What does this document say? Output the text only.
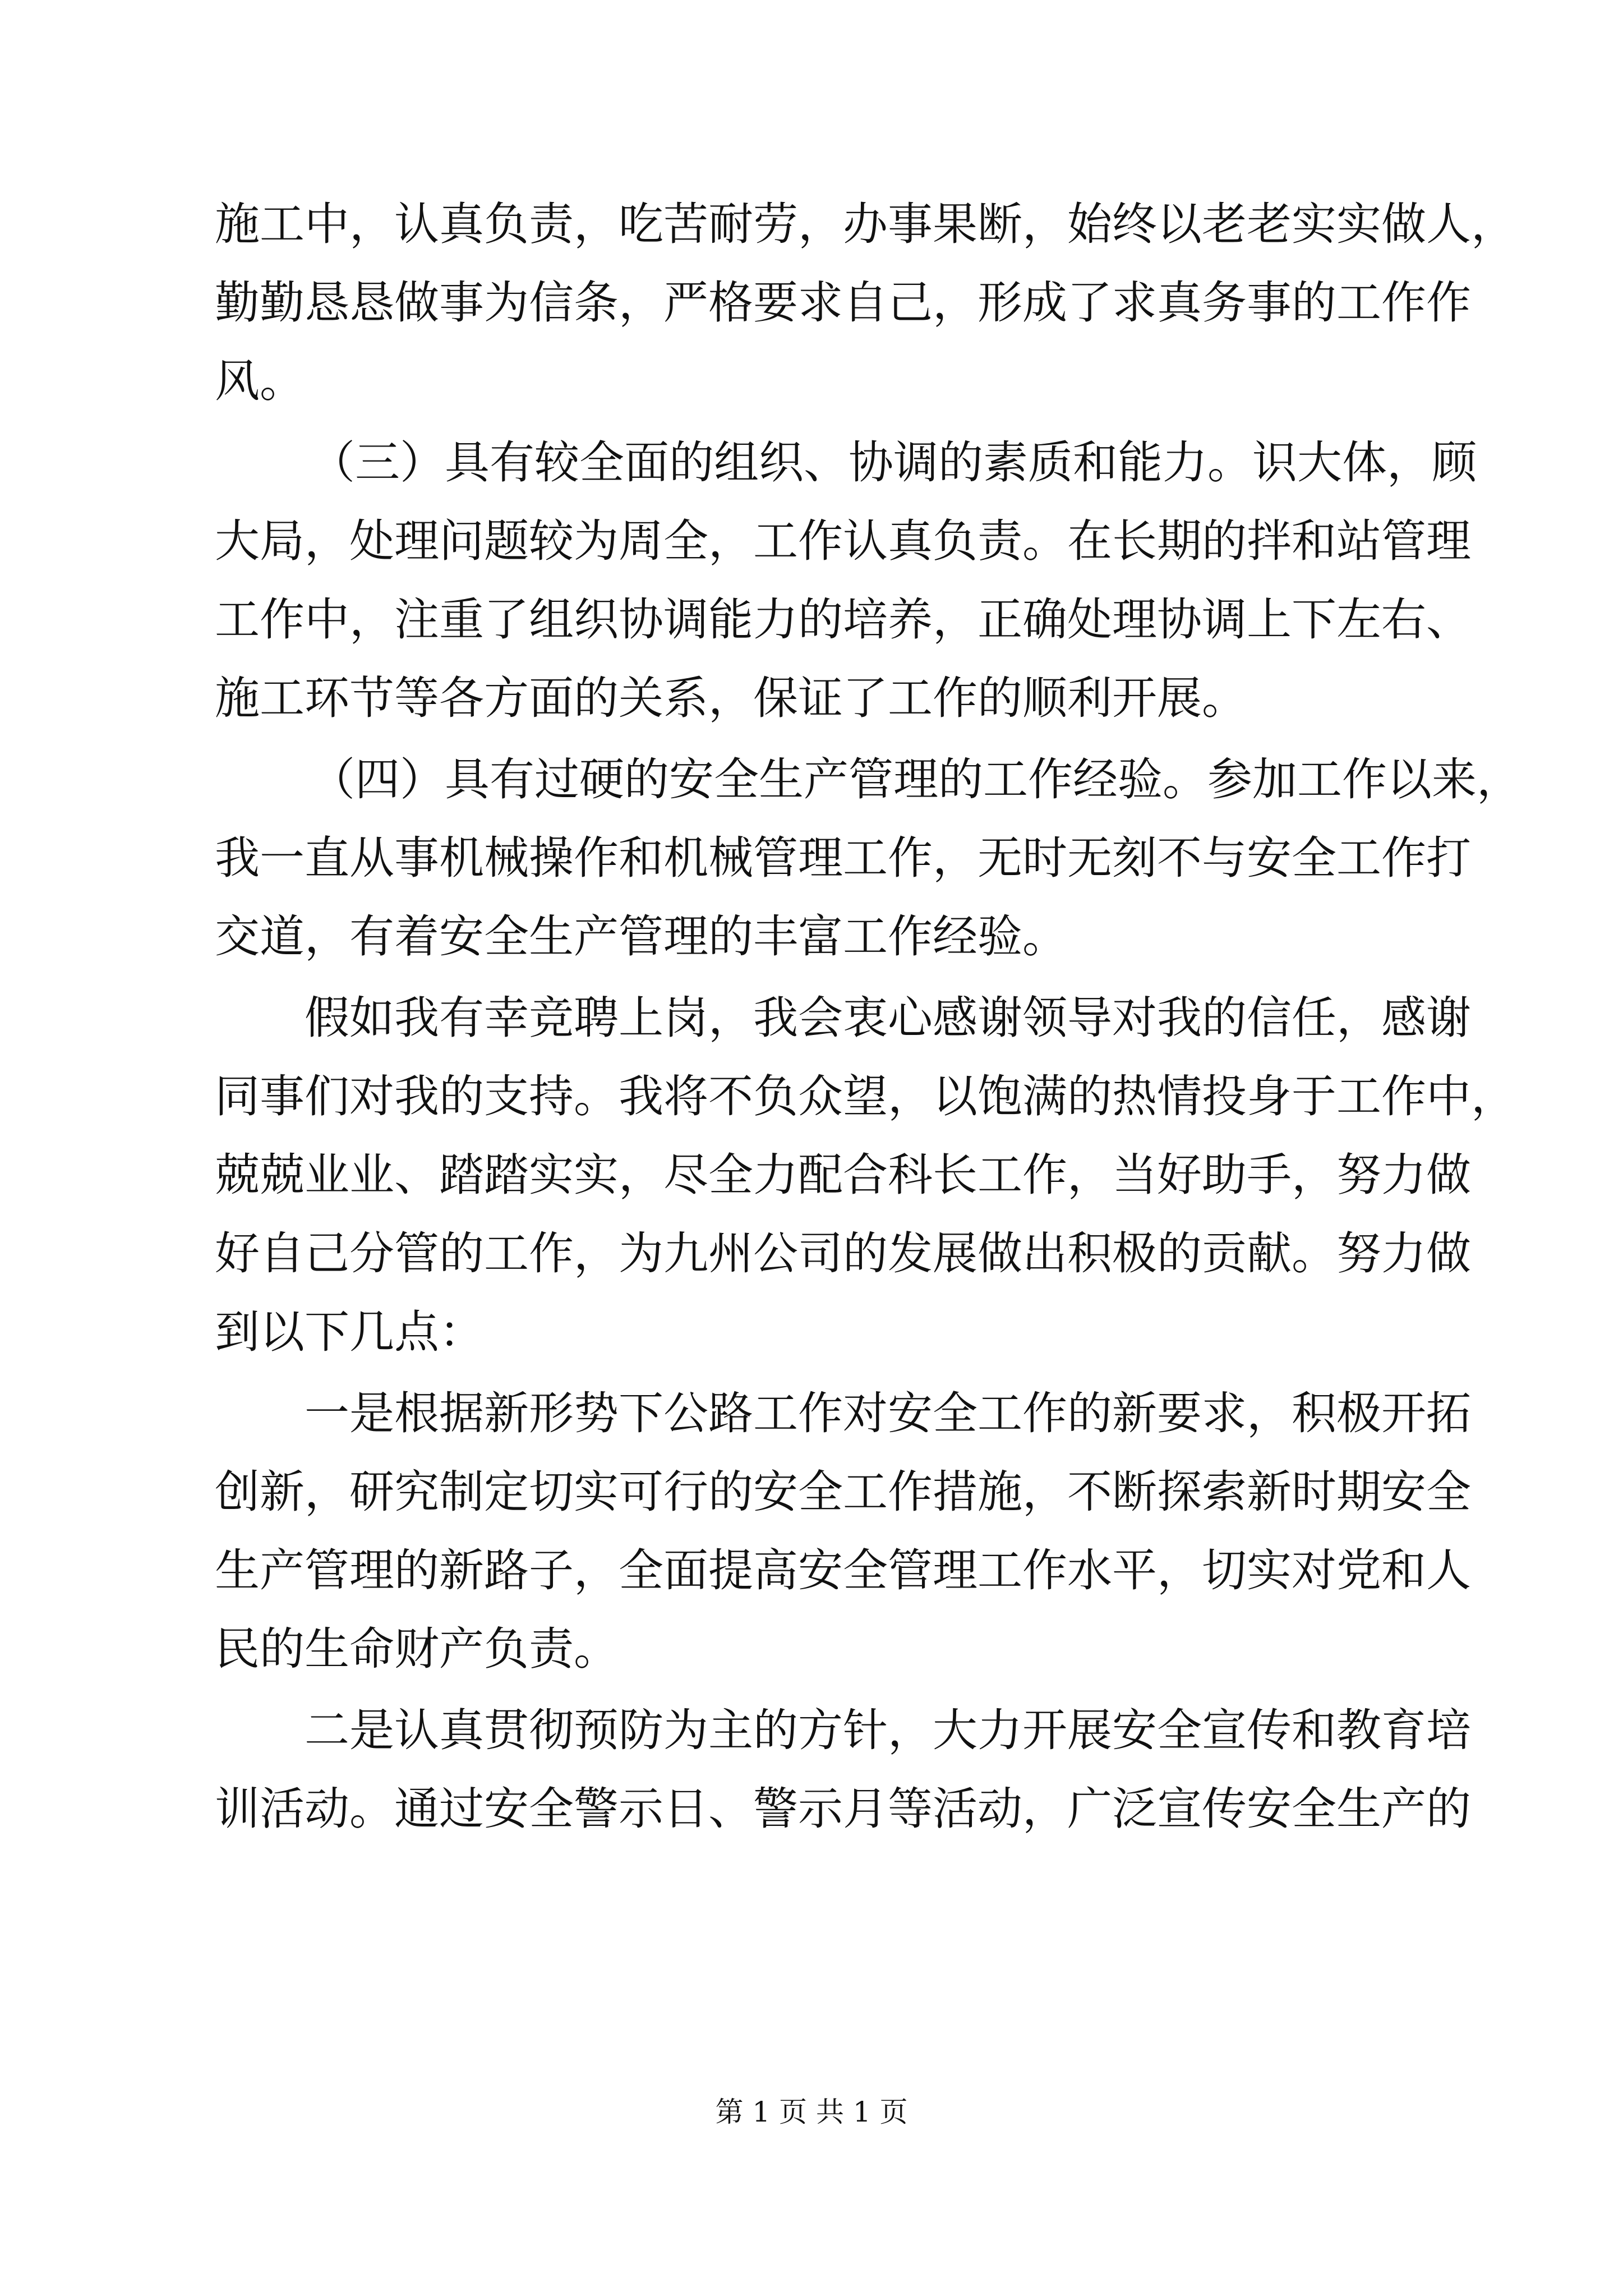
施工中，认真负责，吃苦耐劳，办事果断，始终以老老实实做人，
勤勤恳恳做事为信条，严格要求自己，形成了求真务事的工作作
风。
（三）具有较全面的组织、协调的素质和能力。识大体，顾
大局，处理问题较为周全，工作认真负责。在长期的拌和站管理
工作中，注重了组织协调能力的培养，正确处理协调上下左右、
施工环节等各方面的关系，保证了工作的顺利开展。
（四）具有过硬的安全生产管理的工作经验。参加工作以来，
我一直从事机械操作和机械管理工作，无时无刻不与安全工作打
交道，有着安全生产管理的丰富工作经验。
假如我有幸竞聘上岗，我会衷心感谢领导对我的信任，感谢
同事们对我的支持。我将不负众望，以饱满的热情投身于工作中，
兢兢业业、踏踏实实，尽全力配合科长工作，当好助手，努力做
好自己分管的工作，为九州公司的发展做出积极的贡献。努力做
到以下几点：
一是根据新形势下公路工作对安全工作的新要求，积极开拓
创新，研究制定切实可行的安全工作措施，不断探索新时期安全
生产管理的新路子，全面提高安全管理工作水平，切实对党和人
民的生命财产负责。
二是认真贯彻预防为主的方针，大力开展安全宣传和教育培
训活动。通过安全警示日、警示月等活动，广泛宣传安全生产的
第 1 页 共 1 页
